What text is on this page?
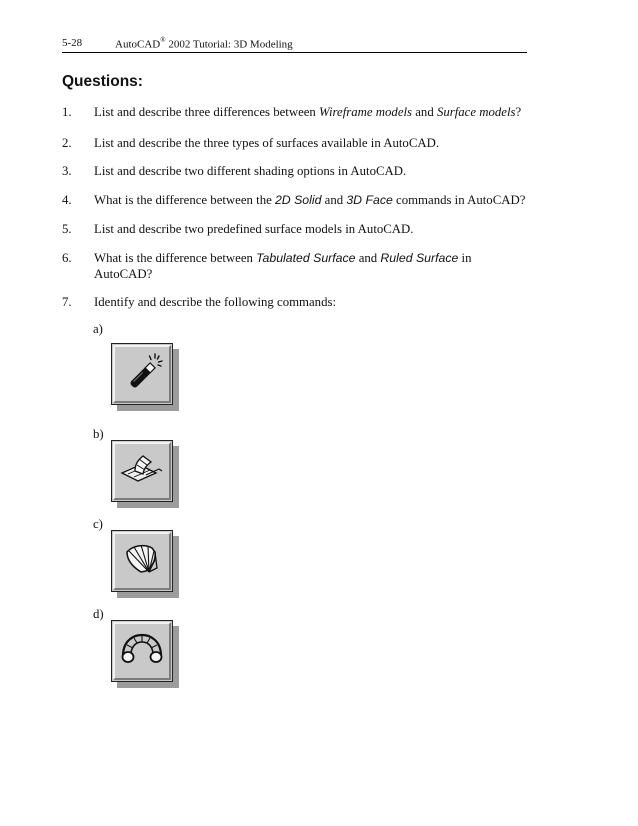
5-28	AutoCAD® 2002 Tutorial: 3D Modeling
Questions:
1. List and describe three differences between Wireframe models and Surface models?
2. List and describe the three types of surfaces available in AutoCAD.
3. List and describe two different shading options in AutoCAD.
4. What is the difference between the 2D Solid and 3D Face commands in AutoCAD?
5. List and describe two predefined surface models in AutoCAD.
6. What is the difference between Tabulated Surface and Ruled Surface in
AutoCAD?
7. Identify and describe the following commands:
a)
b)
c)
d)
